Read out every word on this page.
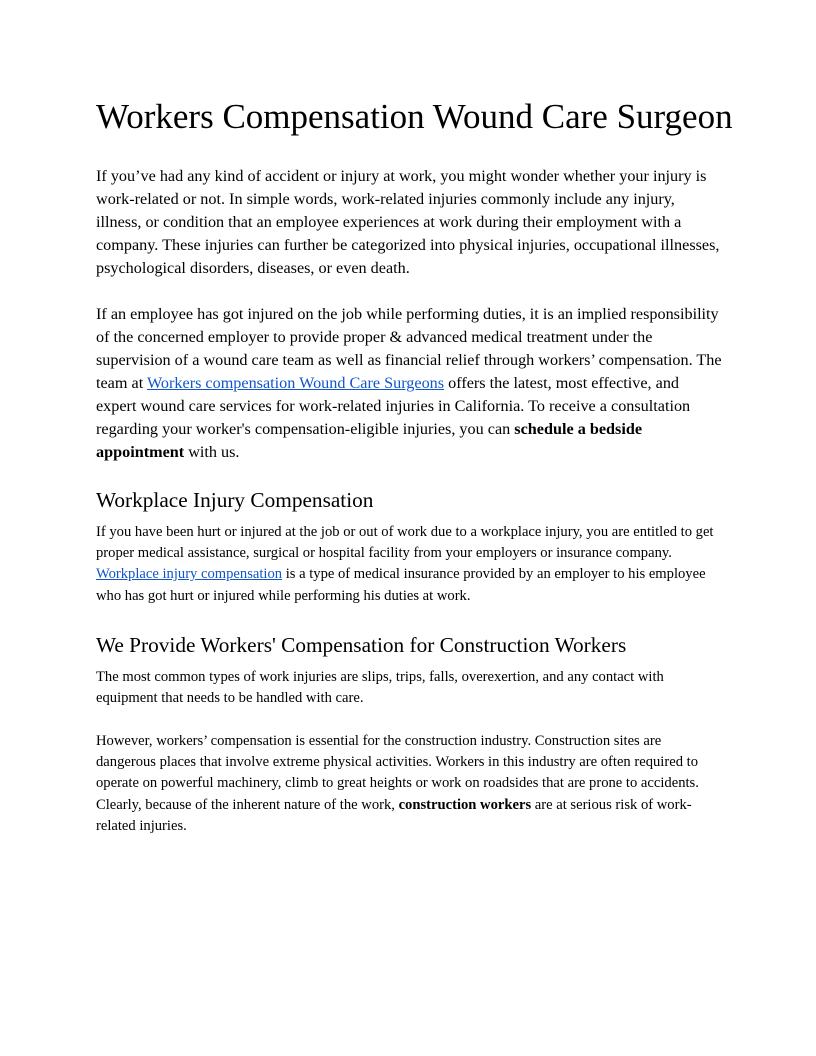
Workers Compensation Wound Care Surgeon

If you’ve had any kind of accident or injury at work, you might wonder whether your injury is work-related or not. In simple words, work-related injuries commonly include any injury, illness, or condition that an employee experiences at work during their employment with a company. These injuries can further be categorized into physical injuries, occupational illnesses, psychological disorders, diseases, or even death.

If an employee has got injured on the job while performing duties, it is an implied responsibility of the concerned employer to provide proper & advanced medical treatment under the supervision of a wound care team as well as financial relief through workers’ compensation. The team at Workers compensation Wound Care Surgeons offers the latest, most effective, and expert wound care services for work-related injuries in California. To receive a consultation regarding your worker's compensation-eligible injuries, you can schedule a bedside appointment with us.

Workplace Injury Compensation

If you have been hurt or injured at the job or out of work due to a workplace injury, you are entitled to get proper medical assistance, surgical or hospital facility from your employers or insurance company. Workplace injury compensation is a type of medical insurance provided by an employer to his employee who has got hurt or injured while performing his duties at work.

We Provide Workers' Compensation for Construction Workers

The most common types of work injuries are slips, trips, falls, overexertion, and any contact with equipment that needs to be handled with care.

However, workers’ compensation is essential for the construction industry. Construction sites are dangerous places that involve extreme physical activities. Workers in this industry are often required to operate on powerful machinery, climb to great heights or work on roadsides that are prone to accidents. Clearly, because of the inherent nature of the work, construction workers are at serious risk of work-related injuries.
